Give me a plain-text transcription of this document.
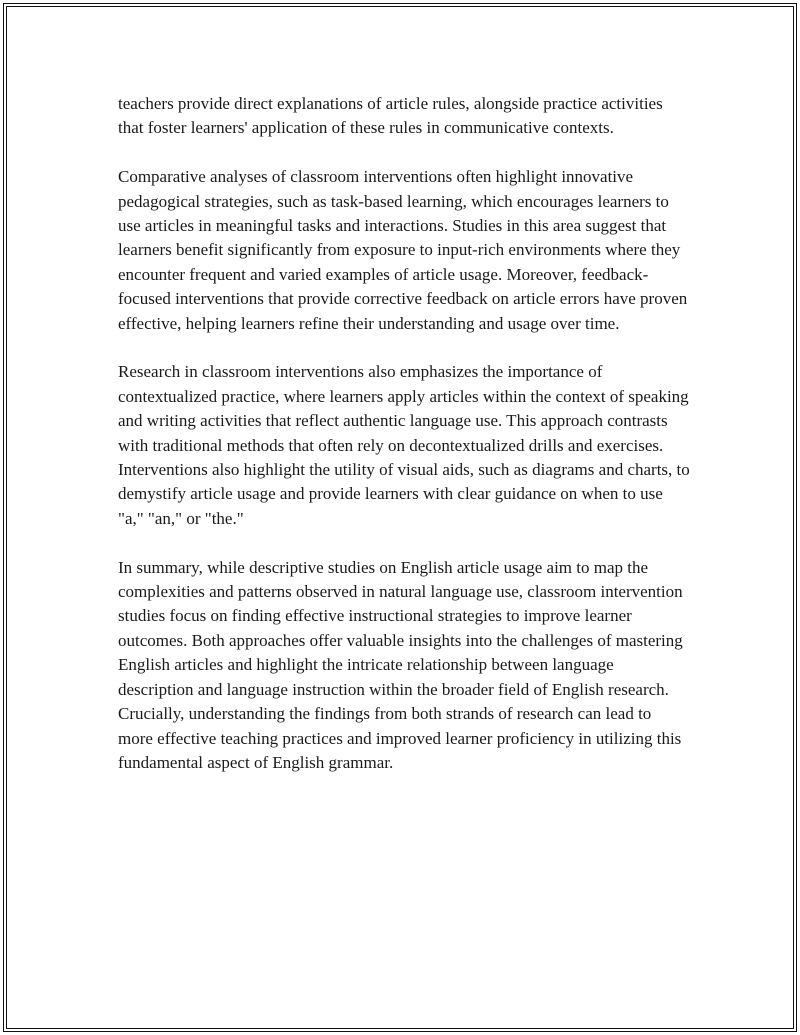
teachers provide direct explanations of article rules, alongside practice activities that foster learners' application of these rules in communicative contexts.

Comparative analyses of classroom interventions often highlight innovative pedagogical strategies, such as task-based learning, which encourages learners to use articles in meaningful tasks and interactions. Studies in this area suggest that learners benefit significantly from exposure to input-rich environments where they encounter frequent and varied examples of article usage. Moreover, feedback-focused interventions that provide corrective feedback on article errors have proven effective, helping learners refine their understanding and usage over time.

Research in classroom interventions also emphasizes the importance of contextualized practice, where learners apply articles within the context of speaking and writing activities that reflect authentic language use. This approach contrasts with traditional methods that often rely on decontextualized drills and exercises. Interventions also highlight the utility of visual aids, such as diagrams and charts, to demystify article usage and provide learners with clear guidance on when to use "a," "an," or "the."

In summary, while descriptive studies on English article usage aim to map the complexities and patterns observed in natural language use, classroom intervention studies focus on finding effective instructional strategies to improve learner outcomes. Both approaches offer valuable insights into the challenges of mastering English articles and highlight the intricate relationship between language description and language instruction within the broader field of English research. Crucially, understanding the findings from both strands of research can lead to more effective teaching practices and improved learner proficiency in utilizing this fundamental aspect of English grammar.
